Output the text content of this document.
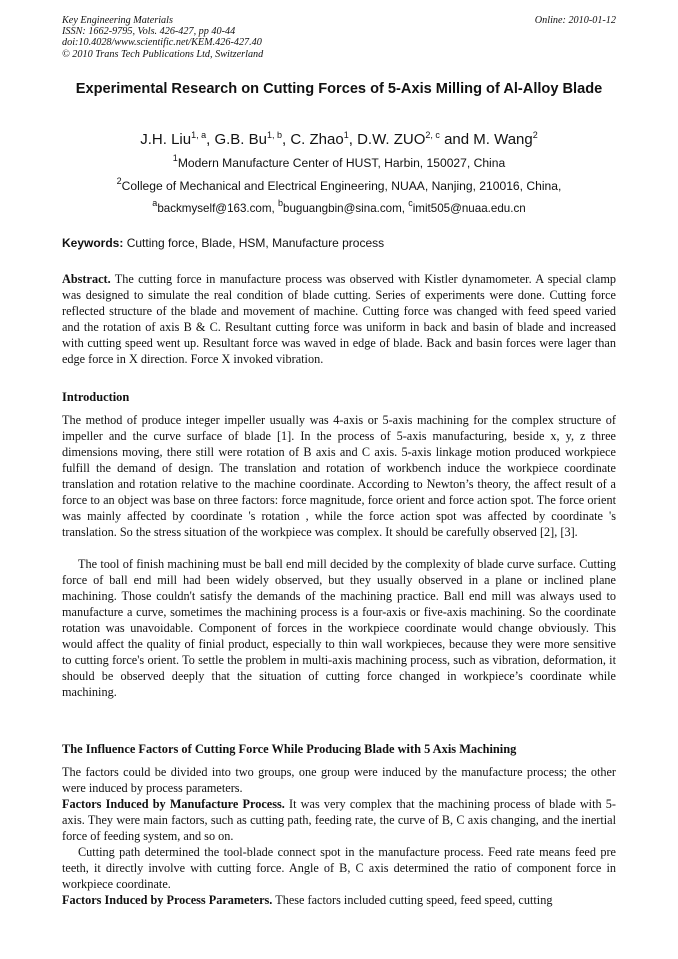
Key Engineering Materials
ISSN: 1662-9795, Vols. 426-427, pp 40-44
doi:10.4028/www.scientific.net/KEM.426-427.40
© 2010 Trans Tech Publications Ltd, Switzerland
Online: 2010-01-12
Experimental Research on Cutting Forces of 5-Axis Milling of Al-Alloy Blade
J.H. Liu$^{1, a}$, G.B. Bu$^{1, b}$, C. Zhao$^1$, D.W. ZUO$^{2, c}$ and M. Wang$^2$
$^1$Modern Manufacture Center of HUST, Harbin, 150027, China
$^2$College of Mechanical and Electrical Engineering, NUAA, Nanjing, 210016, China,
$^a$backmyself@163.com, $^b$buguangbin@sina.com, $^c$imit505@nuaa.edu.cn
Keywords: Cutting force, Blade, HSM, Manufacture process
Abstract. The cutting force in manufacture process was observed with Kistler dynamometer. A special clamp was designed to simulate the real condition of blade cutting. Series of experiments were done. Cutting force reflected structure of the blade and movement of machine. Cutting force was changed with feed speed varied and the rotation of axis B & C. Resultant cutting force was uniform in back and basin of blade and increased with cutting speed went up. Resultant force was waved in edge of blade. Back and basin forces were lager than edge force in X direction. Force X invoked vibration.
Introduction
The method of produce integer impeller usually was 4-axis or 5-axis machining for the complex structure of impeller and the curve surface of blade [1]. In the process of 5-axis manufacturing, beside x, y, z three dimensions moving, there still were rotation of B axis and C axis. 5-axis linkage motion produced workpiece fulfill the demand of design. The translation and rotation of workbench induce the workpiece coordinate translation and rotation relative to the machine coordinate. According to Newton’s theory, the affect result of a force to an object was base on three factors: force magnitude, force orient and force action spot. The force orient was mainly affected by coordinate 's rotation , while the force action spot was affected by coordinate 's translation. So the stress situation of the workpiece was complex. It should be carefully observed [2], [3].
The tool of finish machining must be ball end mill decided by the complexity of blade curve surface. Cutting force of ball end mill had been widely observed, but they usually observed in a plane or inclined plane machining. Those couldn't satisfy the demands of the machining practice. Ball end mill was always used to manufacture a curve, sometimes the machining process is a four-axis or five-axis machining. So the coordinate rotation was unavoidable. Component of forces in the workpiece coordinate would change obviously. This would affect the quality of finial product, especially to thin wall workpieces, because they were more sensitive to cutting force's orient. To settle the problem in multi-axis machining process, such as vibration, deformation, it should be observed deeply that the situation of cutting force changed in workpiece’s coordinate while machining.
The Influence Factors of Cutting Force While Producing Blade with 5 Axis Machining
The factors could be divided into two groups, one group were induced by the manufacture process; the other were induced by process parameters.
Factors Induced by Manufacture Process. It was very complex that the machining process of blade with 5-axis. They were main factors, such as cutting path, feeding rate, the curve of B, C axis changing, and the inertial force of feeding system, and so on.
Cutting path determined the tool-blade connect spot in the manufacture process. Feed rate means feed pre teeth, it directly involve with cutting force. Angle of B, C axis determined the ratio of component force in workpiece coordinate.
Factors Induced by Process Parameters. These factors included cutting speed, feed speed, cutting
